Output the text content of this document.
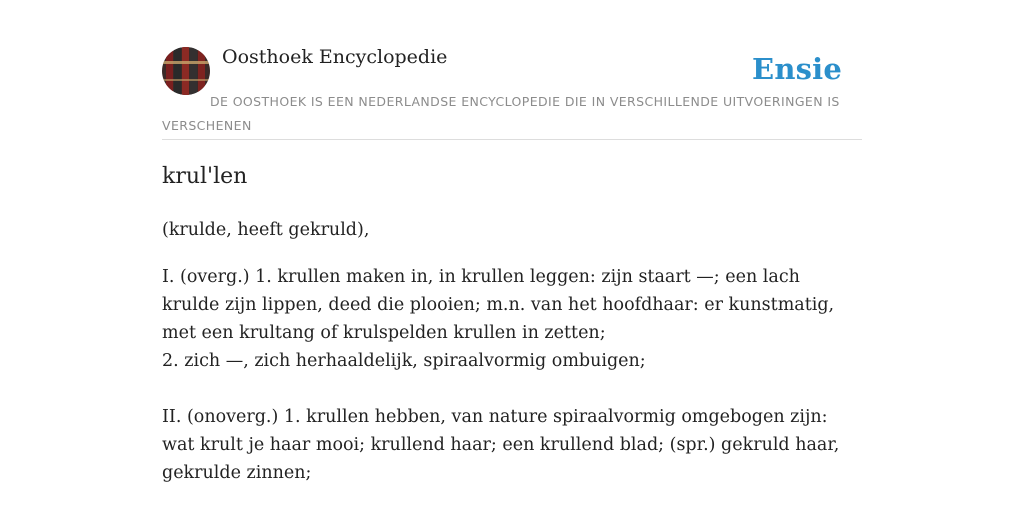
Oosthoek Encyclopedie	Ensie
DE OOSTHOEK IS EEN NEDERLANDSE ENCYCLOPEDIE DIE IN VERSCHILLENDE UITVOERINGEN IS VERSCHENEN
krul'len
(krulde, heeft gekruld),
I. (overg.) 1. krullen maken in, in krullen leggen: zijn staart —; een lach krulde zijn lippen, deed die plooien; m.n. van het hoofdhaar: er kunstmatig, met een krultang of krulspelden krullen in zetten;
2. zich —, zich herhaaldelijk, spiraalvormig ombuigen;
II. (onoverg.) 1. krullen hebben, van nature spiraalvormig omgebogen zijn: wat krult je haar mooi; krullend haar; een krullend blad; (spr.) gekruld haar, gekrulde zinnen;
